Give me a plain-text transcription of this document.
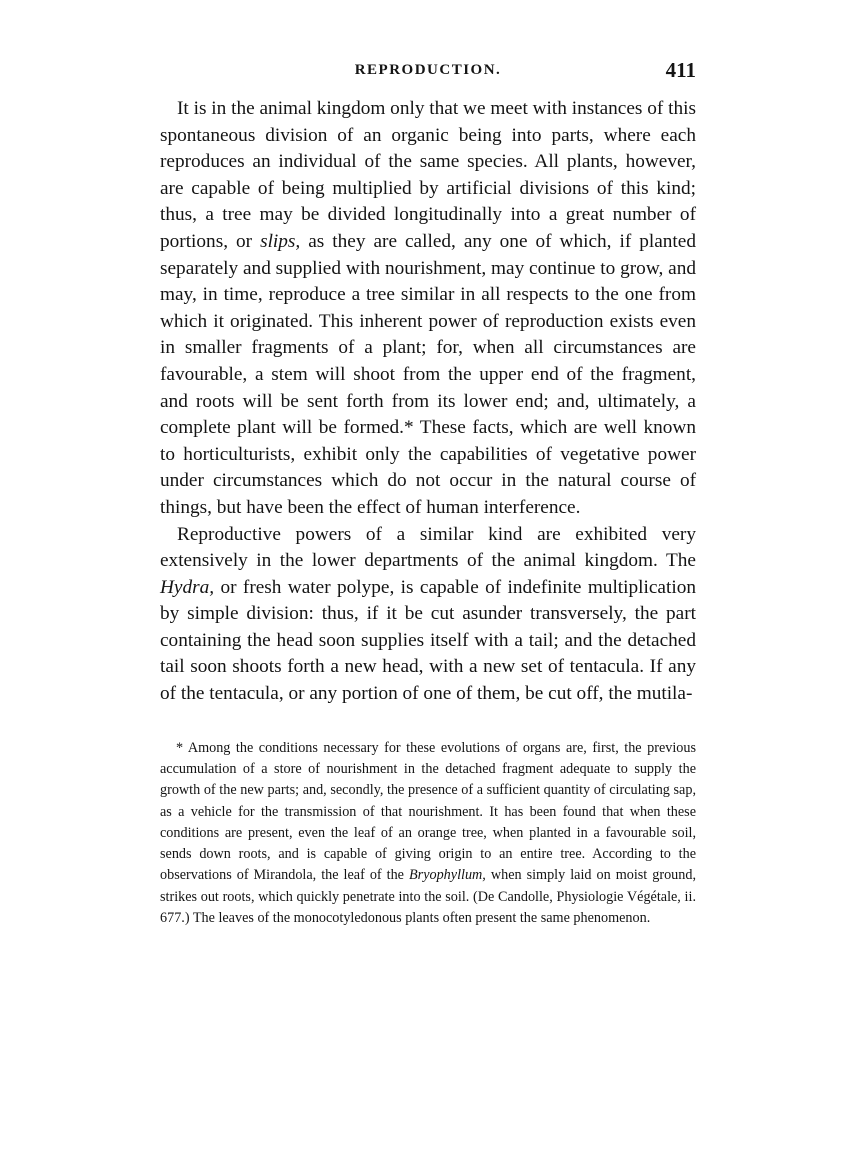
REPRODUCTION.	411

It is in the animal kingdom only that we meet with instances of this spontaneous division of an organic being into parts, where each reproduces an individual of the same species. All plants, however, are capable of being multiplied by artificial divisions of this kind; thus, a tree may be divided longitudinally into a great number of portions, or slips, as they are called, any one of which, if planted separately and supplied with nourishment, may continue to grow, and may, in time, reproduce a tree similar in all respects to the one from which it originated. This inherent power of reproduction exists even in smaller fragments of a plant; for, when all circumstances are favourable, a stem will shoot from the upper end of the fragment, and roots will be sent forth from its lower end; and, ultimately, a complete plant will be formed.* These facts, which are well known to horticulturists, exhibit only the capabilities of vegetative power under circumstances which do not occur in the natural course of things, but have been the effect of human interference.

Reproductive powers of a similar kind are exhibited very extensively in the lower departments of the animal kingdom. The Hydra, or fresh water polype, is capable of indefinite multiplication by simple division: thus, if it be cut asunder transversely, the part containing the head soon supplies itself with a tail; and the detached tail soon shoots forth a new head, with a new set of tentacula. If any of the tentacula, or any portion of one of them, be cut off, the mutila-

* Among the conditions necessary for these evolutions of organs are, first, the previous accumulation of a store of nourishment in the detached fragment adequate to supply the growth of the new parts; and, secondly, the presence of a sufficient quantity of circulating sap, as a vehicle for the transmission of that nourishment. It has been found that when these conditions are present, even the leaf of an orange tree, when planted in a favourable soil, sends down roots, and is capable of giving origin to an entire tree. According to the observations of Mirandola, the leaf of the Bryophyllum, when simply laid on moist ground, strikes out roots, which quickly penetrate into the soil. (De Candolle, Physiologie Végétale, ii. 677.) The leaves of the monocotyledonous plants often present the same phenomenon.
